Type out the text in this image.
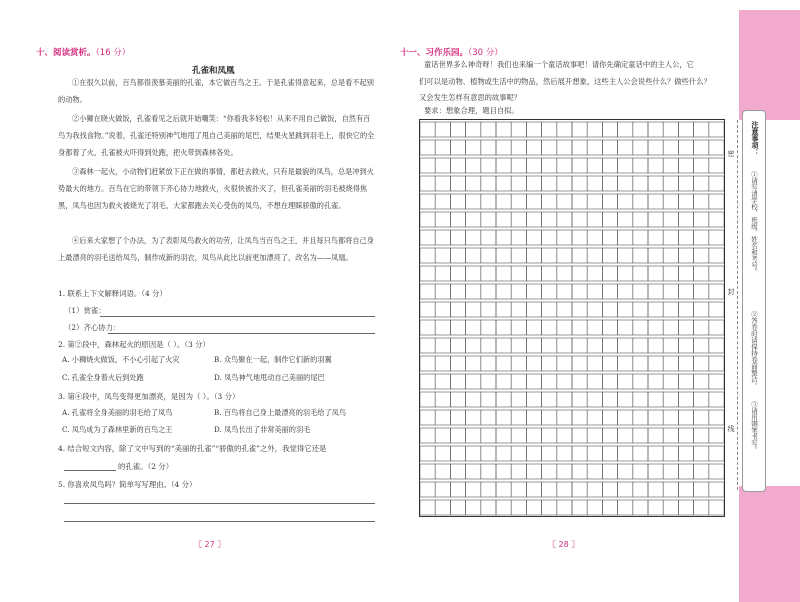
十、阅读赏析。（16 分）
孔雀和凤凰
①在很久以前，百鸟都很羡慕美丽的孔雀，本它做百鸟之王。于是孔雀得意起来，总是看不起别的动物。
②小狮在晓火做饭，孔雀看见之后就开始嘲笑：“你看我多轻松！从来不用自己做饭，自然有百鸟为我找食物。”说着，孔雀还特别神气地甩了甩自己美丽的尾巴，结果火星跳到羽毛上，很快它的全身都着了火，孔雀被火吓得到处跑，把火带到森林各处。
③森林一起火，小动物们赶紧放下正在做的事情，都赶去救火，只有是最貌的凤鸟，总是冲到火势最大的地方。百鸟在它的带领下齐心协力地救火，火很快被扑灭了，但孔雀美丽的羽毛被烧得焦黑，凤鸟也因为救火被烧光了羽毛，大家都跑去关心受伤的凤鸟，不想在理睬骄傲的孔雀。
④后来大家想了个办法，为了表彰凤鸟救火的功劳，让凤鸟当百鸟之王，并且每只鸟都将自己身上最漂亮的羽毛送给凤鸟，制作成新的羽衣，凤鸟从此比以前更加漂亮了，改名为——凤凰。
1. 联系上下文解释词语。（4 分）
（1）赏雀：
（2）齐心协力：
2. 第②段中，森林起火的原因是（ ）。（3 分）
A. 小狮烧火做饭，不小心引起了火灾	B. 众鸟聚在一起，制作它们新的羽翼
C. 孔雀全身着火后到处跑	D. 凤鸟神气地甩动自己美丽的尾巴
3. 第④段中，凤鸟变得更加漂亮，是因为（ ）。（3 分）
A. 孔雀将全身美丽的羽毛给了凤鸟	B. 百鸟将自己身上最漂亮的羽毛给了凤鸟
C. 凤鸟成为了森林里新的百鸟之王	D. 凤鸟长出了非常美丽的羽毛
4. 结合短文内容，除了文中写到的“美丽的孔雀”“骄傲的孔雀”之外，我觉得它还是
的孔雀。（2 分）
5. 你喜欢凤鸟吗？简单写写理由。（4 分）
〖 27 〗
十一、习作乐园。（30 分）
童话世界多么神奇呀！我们也来编一个童话故事吧！请你先确定童话中的主人公，它
们可以是动物、植物或生活中的物品，然后展开想象，这些主人公会说些什么？做些什么？
又会发生怎样有意思的故事呢？
要求：想象合理，题目自拟。
〖 28 〗
注意事项：
①请写清学校、班级、姓名和考号。
②答卷时请保持卷面整洁。
③请用钢笔书写。
密
封
线
